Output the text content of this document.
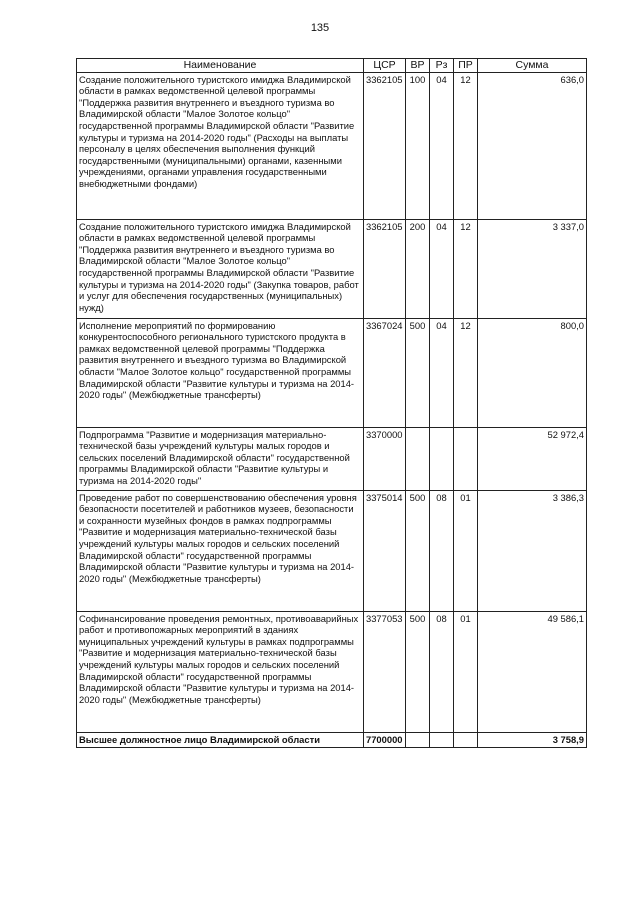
135
Наименование	ЦСР	ВР	Рз	ПР	Сумма
Создание положительного туристского имиджа Владимирской области в рамках ведомственной целевой программы "Поддержка развития внутреннего и въездного туризма во Владимирской области "Малое Золотое кольцо" государственной программы Владимирской области "Развитие культуры и туризма на 2014-2020 годы" (Расходы на выплаты персоналу в целях обеспечения выполнения функций государственными (муниципальными) органами, казенными учреждениями, органами управления государственными внебюджетными фондами)	3362105	100	04	12	636,0
Создание положительного туристского имиджа Владимирской области в рамках ведомственной целевой программы "Поддержка развития внутреннего и въездного туризма во Владимирской области "Малое Золотое кольцо" государственной программы Владимирской области "Развитие культуры и туризма на 2014-2020 годы" (Закупка товаров, работ и услуг для обеспечения государственных (муниципальных) нужд)	3362105	200	04	12	3 337,0
Исполнение мероприятий по формированию конкурентоспособного регионального туристского продукта в рамках ведомственной целевой программы "Поддержка развития внутреннего и въездного туризма во Владимирской области "Малое Золотое кольцо" государственной программы Владимирской области "Развитие культуры и туризма на 2014-2020 годы" (Межбюджетные трансферты)	3367024	500	04	12	800,0
Подпрограмма "Развитие и модернизация материально-технической базы учреждений культуры малых городов и сельских поселений Владимирской области" государственной программы Владимирской области "Развитие культуры и туризма на 2014-2020 годы"	3370000				52 972,4
Проведение работ по совершенствованию обеспечения уровня безопасности посетителей и работников музеев, безопасности и сохранности музейных фондов в рамках подпрограммы "Развитие и модернизация материально-технической базы учреждений культуры малых городов и сельских поселений Владимирской области" государственной программы Владимирской области "Развитие культуры и туризма на 2014-2020 годы" (Межбюджетные трансферты)	3375014	500	08	01	3 386,3
Софинансирование проведения ремонтных, противоаварийных работ и противопожарных мероприятий в зданиях муниципальных учреждений культуры в рамках подпрограммы "Развитие и модернизация материально-технической базы учреждений культуры малых городов и сельских поселений Владимирской области" государственной программы Владимирской области "Развитие культуры и туризма на 2014-2020 годы" (Межбюджетные трансферты)	3377053	500	08	01	49 586,1
Высшее должностное лицо Владимирской области	7700000				3 758,9
